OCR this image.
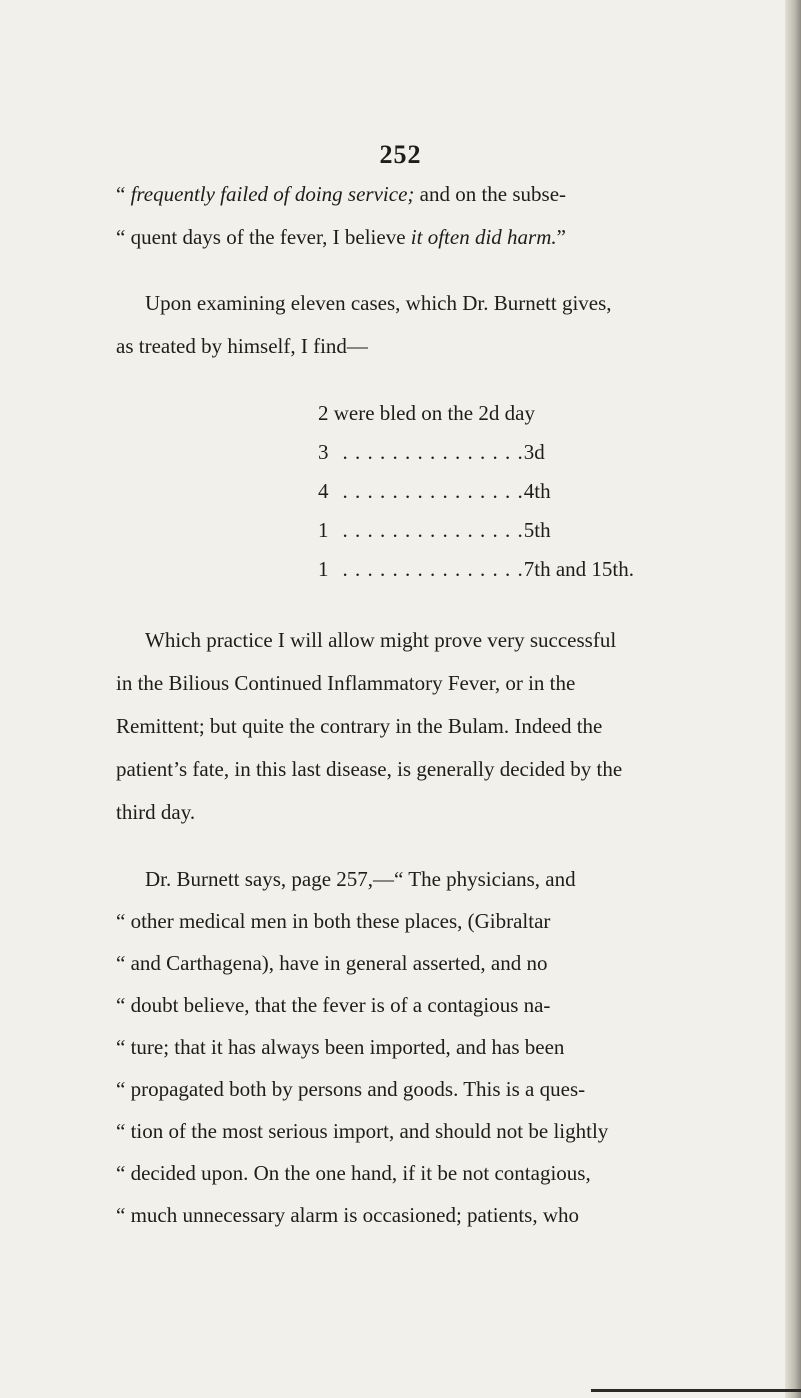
252
“ frequently failed of doing service; and on the subse-
“ quent days of the fever, I believe it often did harm.”
Upon examining eleven cases, which Dr. Burnett gives,
as treated by himself, I find—
2 were bled on the 2d day
3. . . . . . . . . . . . . . .3d
4. . . . . . . . . . . . . . .4th
1. . . . . . . . . . . . . . .5th
1. . . . . . . . . . . . . . .7th and 15th.
Which practice I will allow might prove very successful
in the Bilious Continued Inflammatory Fever, or in the
Remittent; but quite the contrary in the Bulam. Indeed the
patient’s fate, in this last disease, is generally decided by the
third day.
Dr. Burnett says, page 257,—“ The physicians, and
“ other medical men in both these places, (Gibraltar
“ and Carthagena), have in general asserted, and no
“ doubt believe, that the fever is of a contagious na-
“ ture; that it has always been imported, and has been
“ propagated both by persons and goods. This is a ques-
“ tion of the most serious import, and should not be lightly
“ decided upon. On the one hand, if it be not contagious,
“ much unnecessary alarm is occasioned; patients, who
